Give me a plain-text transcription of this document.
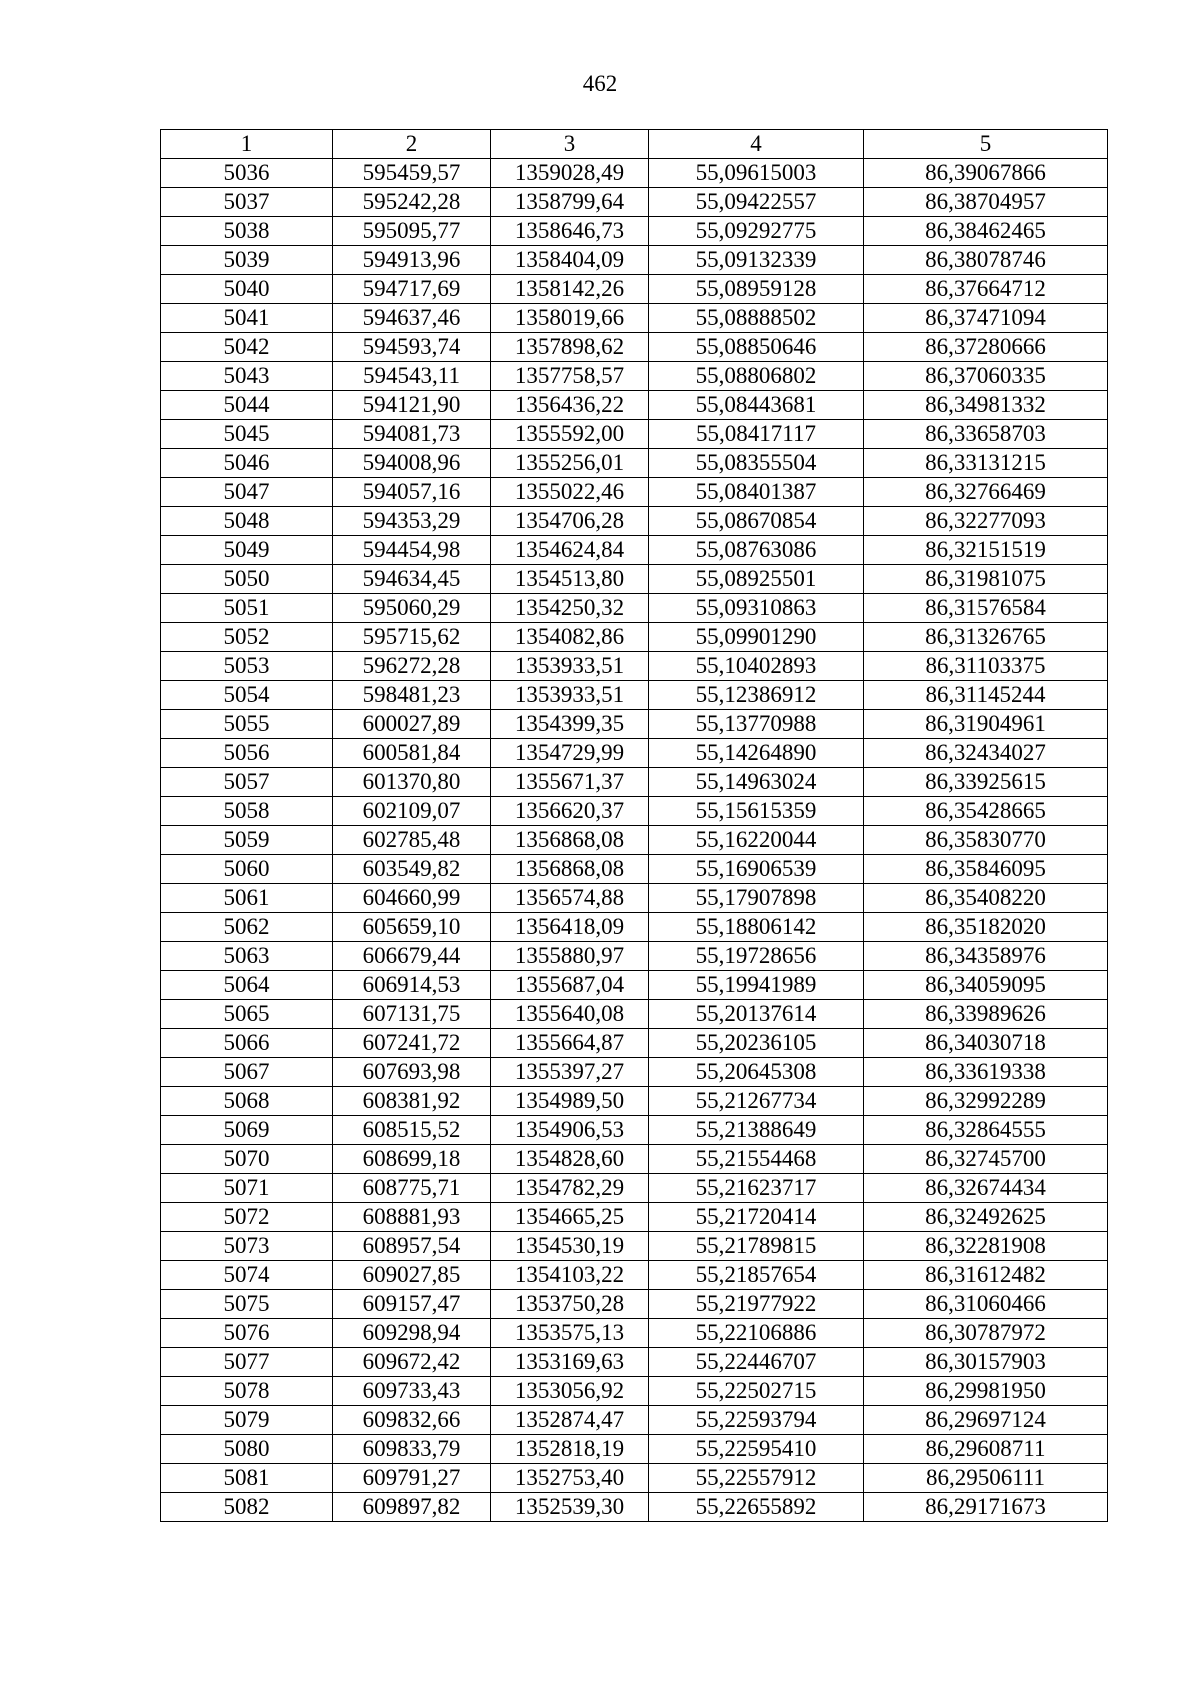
462
1	2	3	4	5
5036	595459,57	1359028,49	55,09615003	86,39067866
5037	595242,28	1358799,64	55,09422557	86,38704957
5038	595095,77	1358646,73	55,09292775	86,38462465
5039	594913,96	1358404,09	55,09132339	86,38078746
5040	594717,69	1358142,26	55,08959128	86,37664712
5041	594637,46	1358019,66	55,08888502	86,37471094
5042	594593,74	1357898,62	55,08850646	86,37280666
5043	594543,11	1357758,57	55,08806802	86,37060335
5044	594121,90	1356436,22	55,08443681	86,34981332
5045	594081,73	1355592,00	55,08417117	86,33658703
5046	594008,96	1355256,01	55,08355504	86,33131215
5047	594057,16	1355022,46	55,08401387	86,32766469
5048	594353,29	1354706,28	55,08670854	86,32277093
5049	594454,98	1354624,84	55,08763086	86,32151519
5050	594634,45	1354513,80	55,08925501	86,31981075
5051	595060,29	1354250,32	55,09310863	86,31576584
5052	595715,62	1354082,86	55,09901290	86,31326765
5053	596272,28	1353933,51	55,10402893	86,31103375
5054	598481,23	1353933,51	55,12386912	86,31145244
5055	600027,89	1354399,35	55,13770988	86,31904961
5056	600581,84	1354729,99	55,14264890	86,32434027
5057	601370,80	1355671,37	55,14963024	86,33925615
5058	602109,07	1356620,37	55,15615359	86,35428665
5059	602785,48	1356868,08	55,16220044	86,35830770
5060	603549,82	1356868,08	55,16906539	86,35846095
5061	604660,99	1356574,88	55,17907898	86,35408220
5062	605659,10	1356418,09	55,18806142	86,35182020
5063	606679,44	1355880,97	55,19728656	86,34358976
5064	606914,53	1355687,04	55,19941989	86,34059095
5065	607131,75	1355640,08	55,20137614	86,33989626
5066	607241,72	1355664,87	55,20236105	86,34030718
5067	607693,98	1355397,27	55,20645308	86,33619338
5068	608381,92	1354989,50	55,21267734	86,32992289
5069	608515,52	1354906,53	55,21388649	86,32864555
5070	608699,18	1354828,60	55,21554468	86,32745700
5071	608775,71	1354782,29	55,21623717	86,32674434
5072	608881,93	1354665,25	55,21720414	86,32492625
5073	608957,54	1354530,19	55,21789815	86,32281908
5074	609027,85	1354103,22	55,21857654	86,31612482
5075	609157,47	1353750,28	55,21977922	86,31060466
5076	609298,94	1353575,13	55,22106886	86,30787972
5077	609672,42	1353169,63	55,22446707	86,30157903
5078	609733,43	1353056,92	55,22502715	86,29981950
5079	609832,66	1352874,47	55,22593794	86,29697124
5080	609833,79	1352818,19	55,22595410	86,29608711
5081	609791,27	1352753,40	55,22557912	86,29506111
5082	609897,82	1352539,30	55,22655892	86,29171673
